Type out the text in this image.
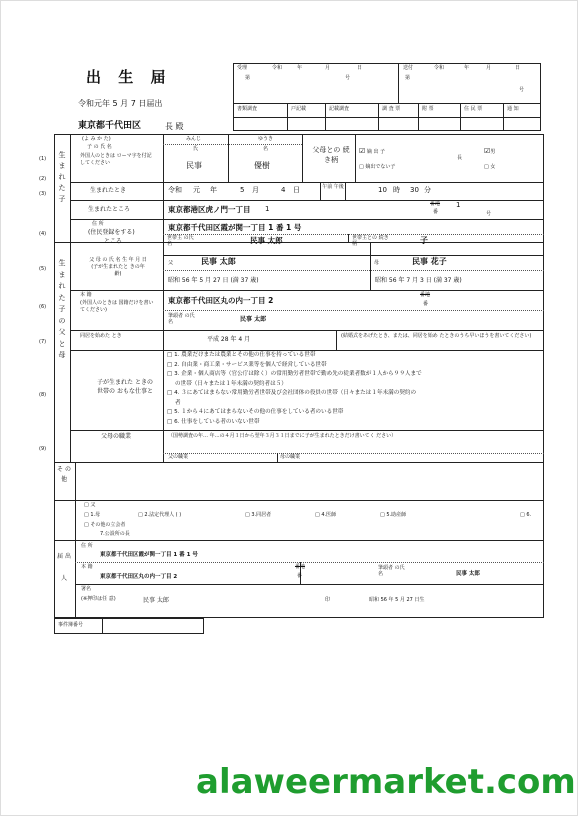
出 生 届
令和元年 5 月 7 日届出
東京都千代田区	長 殿
受理	令和	年	月	日
第	号
送付	令和	年	月	日
号
第
書類調査	戸記載	記載調査	調 査 票	附 票	住 民 票	通 知
(1)
(2)
(3)
(4)
(5)
(6)
(7)
(8)
(9)
生 ま れ た 子
生 ま れ た 子 の 父 と 母
(よ み か た)
子 の 氏 名
外国人のときは ローマ字を付記 してください
みんじ	ゆうき
氏	名
民事	優樹
父母との 続き柄
☑ 嫡 出 子
□ 嫡出でない子
長
☑男
□ 女
生まれたとき	令和 元 年	5 月	4 日	午前 午後	10 時 30 分
生まれたところ	東京都港区虎ノ門一丁目 1
番地
番
1
号
住 所
(住民登録をする)
ところ
東京都千代田区霞が関一丁目 1 番 1 号
世帯主 の氏名	民事 太郎	世帯主との 続き柄	子
父 母 の 氏 名 生 年 月 日 (子が生まれたと きの年齢)
父	民事 太郎	母	民事 花子
昭和 56 年 5 月 27 日 (満 37 歳)	昭和 56 年 7 月 3 日 (満 37 歳)
本 籍
(外国人のときは 国籍だけを書いてください)
東京都千代田区丸の内一丁目 2
番地
番
筆頭者 の氏名	民事 太郎
同居を始めた とき	平成 28 年 4 月	(結婚式をあげたとき、または、同居を始め たときのうち早いほうを書いてください)
子が生まれた ときの世帯の おもな仕事と
□ 1. 農業だけまたは農業とその他の仕事を持っている世帯
□ 2. 自由業・商工業・サービス業等を個人で経営している世帯
□ 3. 企業・個人商店等（官公庁は除く）の常用勤労者世帯で勤め先の従業者数が１人から９９人まで
の世帯（日々または１年未満の契約者は５）
□ 4. ３にあてはまらない常用勤労者世帯及び会社団体の役員の世帯（日々または１年未満の契約の
者
□ 5. １から４にあてはまらないその他の仕事をしている者のいる世帯
□ 6. 仕事をしている者のいない世帯
父母の職業	（国勢調査の年… 年…の４月１日から翌年３月３１日までに子が生まれたときだけ書いてく ださい）
父の職業	母の職業
そ の 他
□ 父
□ 1.母	□ 2.法定代理人 ( )	□ 3.同居者	□ 4.医師	□ 5.助産師	□ 6.
□ その他の立会者
7.公設所の長
届 出 人
住 所
東京都千代田区霞が関一丁目 1 番 1 号
本 籍
東京都千代田区丸の内一丁目 2
番地
番
筆頭者 の氏名	民事 太郎
署名
(※押印は任 意)	民事 太郎	印	昭和 56 年 5 月 27 日生
事件簿番号
alaweermarket.com
